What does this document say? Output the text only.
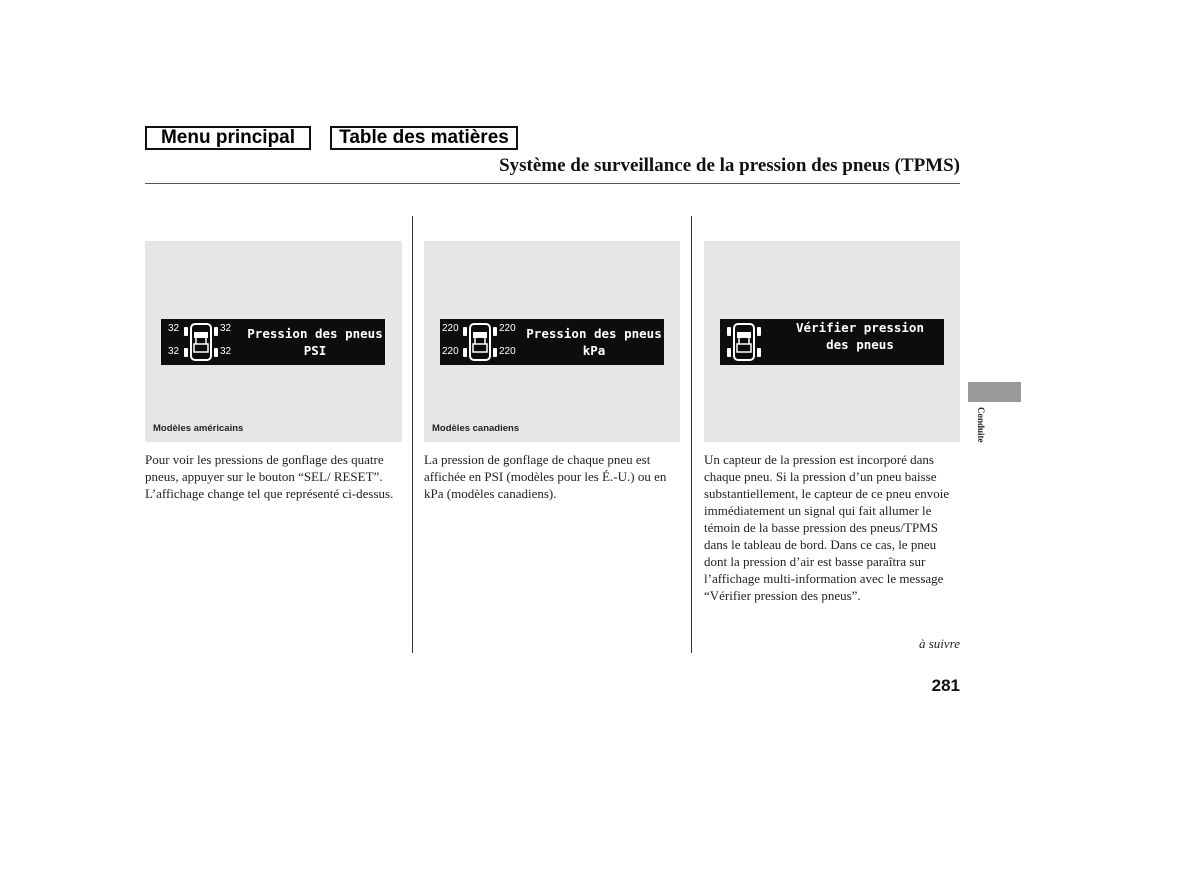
Menu principal	Table des matières
Système de surveillance de la pression des pneus (TPMS)
32	32
32	32
Pression des pneus
PSI
Modèles américains
220	220
220	220
Pression des pneus
kPa
Modèles canadiens
Vérifier pression
des pneus
Pour voir les pressions de gonflage des quatre pneus, appuyer sur le bouton “SEL/ RESET”. L’affichage change tel que représenté ci-dessus.
La pression de gonflage de chaque pneu est affichée en PSI (modèles pour les É.-U.) ou en kPa (modèles canadiens).
Un capteur de la pression est incorporé dans chaque pneu. Si la pression d’un pneu baisse substantiellement, le capteur de ce pneu envoie immédiatement un signal qui fait allumer le témoin de la basse pression des pneus/TPMS dans le tableau de bord. Dans ce cas, le pneu dont la pression d’air est basse paraîtra sur l’affichage multi-information avec le message “Vérifier pression des pneus”.
à suivre
281
Conduite
